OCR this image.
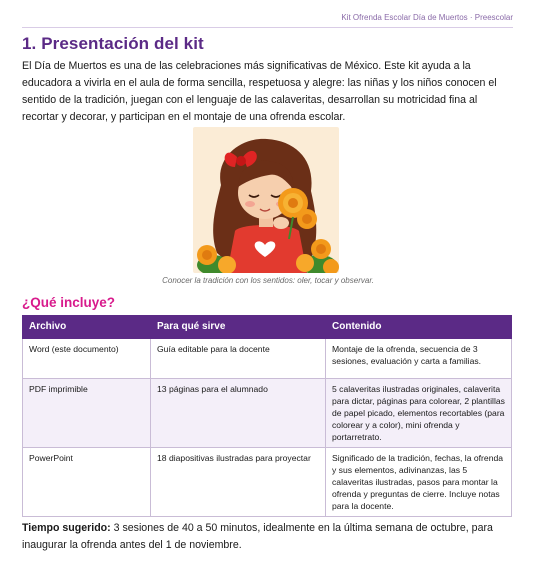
Kit Ofrenda Escolar Día de Muertos · Preescolar
1. Presentación del kit

El Día de Muertos es una de las celebraciones más significativas de México. Este kit ayuda a la educadora a vivirla en el aula de forma sencilla, respetuosa y alegre: las niñas y los niños conocen el sentido de la tradición, juegan con el lenguaje de las calaveritas, desarrollan su motricidad fina al recortar y decorar, y participan en el montaje de una ofrenda escolar.

Conocer la tradición con los sentidos: oler, tocar y observar.
¿Qué incluye?
Archivo	Para qué sirve	Contenido
Word (este documento)	Guía editable para la docente	Montaje de la ofrenda, secuencia de 3 sesiones, evaluación y carta a familias.
PDF imprimible	13 páginas para el alumnado	5 calaveritas ilustradas originales, calaverita para dictar, páginas para colorear, 2 plantillas de papel picado, elementos recortables (para colorear y a color), mini ofrenda y portarretrato.
PowerPoint	18 diapositivas ilustradas para proyectar	Significado de la tradición, fechas, la ofrenda y sus elementos, adivinanzas, las 5 calaveritas ilustradas, pasos para montar la ofrenda y preguntas de cierre. Incluye notas para la docente.

Tiempo sugerido: 3 sesiones de 40 a 50 minutos, idealmente en la última semana de octubre, para inaugurar la ofrenda antes del 1 de noviembre.
